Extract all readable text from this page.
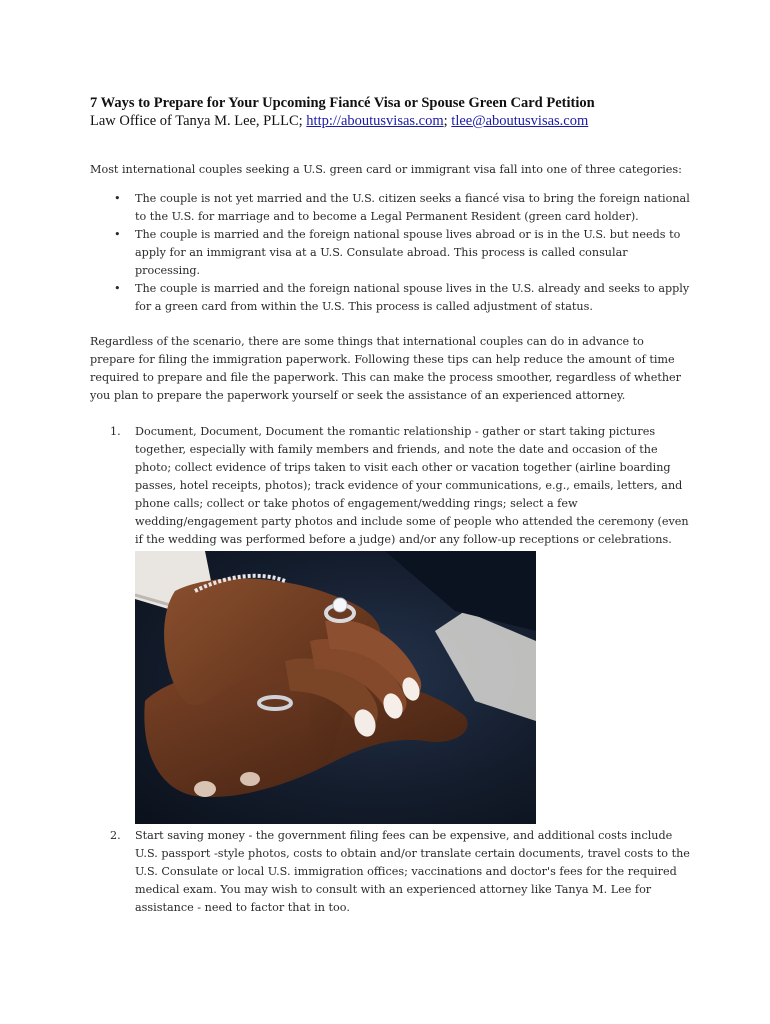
7 Ways to Prepare for Your Upcoming Fiancé Visa or Spouse Green Card Petition

Law Office of Tanya M. Lee, PLLC; http://aboutusvisas.com; tlee@aboutusvisas.com

Most international couples seeking a U.S. green card or immigrant visa fall into one of three categories:

• The couple is not yet married and the U.S. citizen seeks a fiancé visa to bring the foreign national to the U.S. for marriage and to become a Legal Permanent Resident (green card holder).
• The couple is married and the foreign national spouse lives abroad or is in the U.S. but needs to apply for an immigrant visa at a U.S. Consulate abroad. This process is called consular processing.
• The couple is married and the foreign national spouse lives in the U.S. already and seeks to apply for a green card from within the U.S. This process is called adjustment of status.

Regardless of the scenario, there are some things that international couples can do in advance to prepare for filing the immigration paperwork. Following these tips can help reduce the amount of time required to prepare and file the paperwork. This can make the process smoother, regardless of whether you plan to prepare the paperwork yourself or seek the assistance of an experienced attorney.

1. Document, Document, Document the romantic relationship - gather or start taking pictures together, especially with family members and friends, and note the date and occasion of the photo; collect evidence of trips taken to visit each other or vacation together (airline boarding passes, hotel receipts, photos); track evidence of your communications, e.g., emails, letters, and phone calls; collect or take photos of engagement/wedding rings; select a few wedding/engagement party photos and include some of people who attended the ceremony (even if the wedding was performed before a judge) and/or any follow-up receptions or celebrations.
2. Start saving money - the government filing fees can be expensive, and additional costs include U.S. passport -style photos, costs to obtain and/or translate certain documents, travel costs to the U.S. Consulate or local U.S. immigration offices; vaccinations and doctor's fees for the required medical exam. You may wish to consult with an experienced attorney like Tanya M. Lee for assistance - need to factor that in too.
